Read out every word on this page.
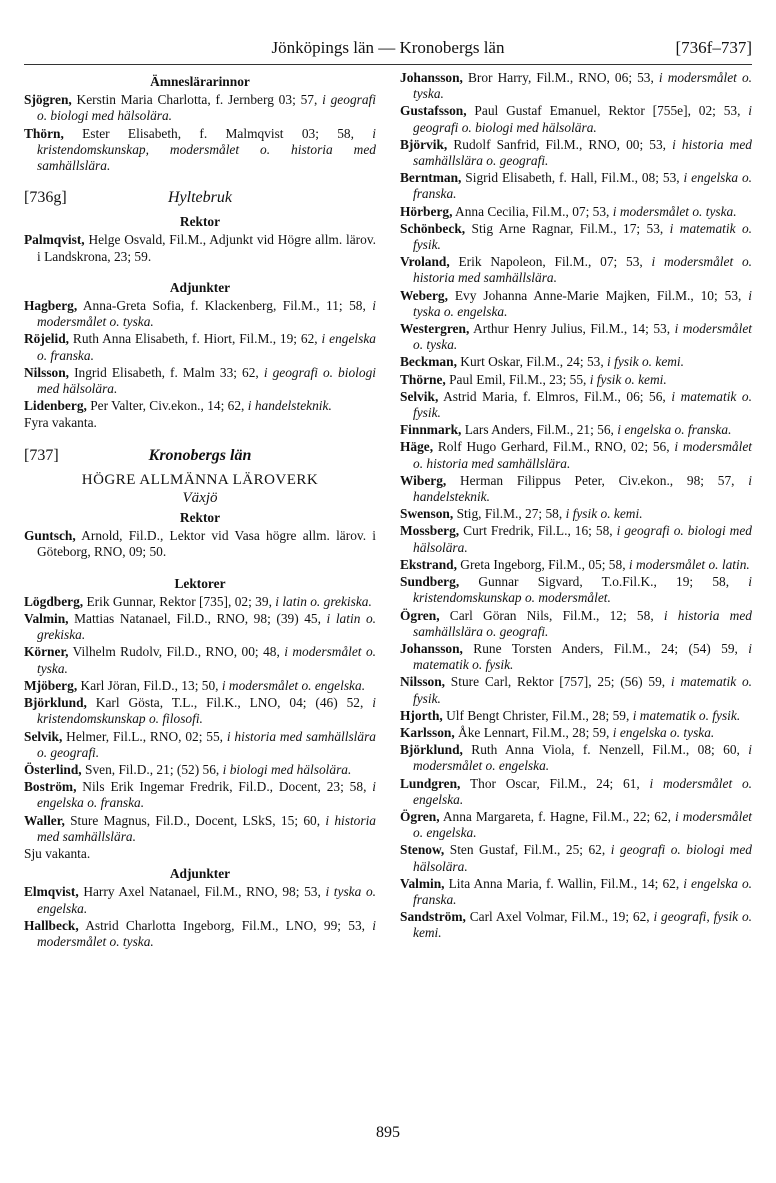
Jönköpings län — Kronobergs län	[736f–737]
Ämneslärarinnor
Sjögren, Kerstin Maria Charlotta, f. Jernberg 03; 57, i geografi o. biologi med hälsolära.
Thörn, Ester Elisabeth, f. Malmqvist 03; 58, i kristendomskunskap, modersmålet o. historia med samhällslära.
[736g]	Hyltebruk
Rektor
Palmqvist, Helge Osvald, Fil.M., Adjunkt vid Högre allm. lärov. i Landskrona, 23; 59.
Adjunkter
Hagberg, Anna-Greta Sofia, f. Klackenberg, Fil.M., 11; 58, i modersmålet o. tyska.
Röjelid, Ruth Anna Elisabeth, f. Hiort, Fil.M., 19; 62, i engelska o. franska.
Nilsson, Ingrid Elisabeth, f. Malm 33; 62, i geografi o. biologi med hälsolära.
Lidenberg, Per Valter, Civ.ekon., 14; 62, i handelsteknik.
Fyra vakanta.
[737]	Kronobergs län
HÖGRE ALLMÄNNA LÄROVERK
Växjö
Rektor
Guntsch, Arnold, Fil.D., Lektor vid Vasa högre allm. lärov. i Göteborg, RNO, 09; 50.
Lektorer
Lögdberg, Erik Gunnar, Rektor [735], 02; 39, i latin o. grekiska.
Valmin, Mattias Natanael, Fil.D., RNO, 98; (39) 45, i latin o. grekiska.
Körner, Vilhelm Rudolv, Fil.D., RNO, 00; 48, i modersmålet o. tyska.
Mjöberg, Karl Jöran, Fil.D., 13; 50, i modersmålet o. engelska.
Björklund, Karl Gösta, T.L., Fil.K., LNO, 04; (46) 52, i kristendomskunskap o. filosofi.
Selvik, Helmer, Fil.L., RNO, 02; 55, i historia med samhällslära o. geografi.
Österlind, Sven, Fil.D., 21; (52) 56, i biologi med hälsolära.
Boström, Nils Erik Ingemar Fredrik, Fil.D., Docent, 23; 58, i engelska o. franska.
Waller, Sture Magnus, Fil.D., Docent, LSkS, 15; 60, i historia med samhällslära.
Sju vakanta.
Adjunkter
Elmqvist, Harry Axel Natanael, Fil.M., RNO, 98; 53, i tyska o. engelska.
Hallbeck, Astrid Charlotta Ingeborg, Fil.M., LNO, 99; 53, i modersmålet o. tyska.
Johansson, Bror Harry, Fil.M., RNO, 06; 53, i modersmålet o. tyska.
Gustafsson, Paul Gustaf Emanuel, Rektor [755e], 02; 53, i geografi o. biologi med hälsolära.
Björvik, Rudolf Sanfrid, Fil.M., RNO, 00; 53, i historia med samhällslära o. geografi.
Berntman, Sigrid Elisabeth, f. Hall, Fil.M., 08; 53, i engelska o. franska.
Hörberg, Anna Cecilia, Fil.M., 07; 53, i modersmålet o. tyska.
Schönbeck, Stig Arne Ragnar, Fil.M., 17; 53, i matematik o. fysik.
Vroland, Erik Napoleon, Fil.M., 07; 53, i modersmålet o. historia med samhällslära.
Weberg, Evy Johanna Anne-Marie Majken, Fil.M., 10; 53, i tyska o. engelska.
Westergren, Arthur Henry Julius, Fil.M., 14; 53, i modersmålet o. tyska.
Beckman, Kurt Oskar, Fil.M., 24; 53, i fysik o. kemi.
Thörne, Paul Emil, Fil.M., 23; 55, i fysik o. kemi.
Selvik, Astrid Maria, f. Elmros, Fil.M., 06; 56, i matematik o. fysik.
Finnmark, Lars Anders, Fil.M., 21; 56, i engelska o. franska.
Häge, Rolf Hugo Gerhard, Fil.M., RNO, 02; 56, i modersmålet o. historia med samhällslära.
Wiberg, Herman Filippus Peter, Civ.ekon., 98; 57, i handelsteknik.
Swenson, Stig, Fil.M., 27; 58, i fysik o. kemi.
Mossberg, Curt Fredrik, Fil.L., 16; 58, i geografi o. biologi med hälsolära.
Ekstrand, Greta Ingeborg, Fil.M., 05; 58, i modersmålet o. latin.
Sundberg, Gunnar Sigvard, T.o.Fil.K., 19; 58, i kristendomskunskap o. modersmålet.
Ögren, Carl Göran Nils, Fil.M., 12; 58, i historia med samhällslära o. geografi.
Johansson, Rune Torsten Anders, Fil.M., 24; (54) 59, i matematik o. fysik.
Nilsson, Sture Carl, Rektor [757], 25; (56) 59, i matematik o. fysik.
Hjorth, Ulf Bengt Christer, Fil.M., 28; 59, i matematik o. fysik.
Karlsson, Åke Lennart, Fil.M., 28; 59, i engelska o. tyska.
Björklund, Ruth Anna Viola, f. Nenzell, Fil.M., 08; 60, i modersmålet o. engelska.
Lundgren, Thor Oscar, Fil.M., 24; 61, i modersmålet o. engelska.
Ögren, Anna Margareta, f. Hagne, Fil.M., 22; 62, i modersmålet o. engelska.
Stenow, Sten Gustaf, Fil.M., 25; 62, i geografi o. biologi med hälsolära.
Valmin, Lita Anna Maria, f. Wallin, Fil.M., 14; 62, i engelska o. franska.
Sandström, Carl Axel Volmar, Fil.M., 19; 62, i geografi, fysik o. kemi.
895
